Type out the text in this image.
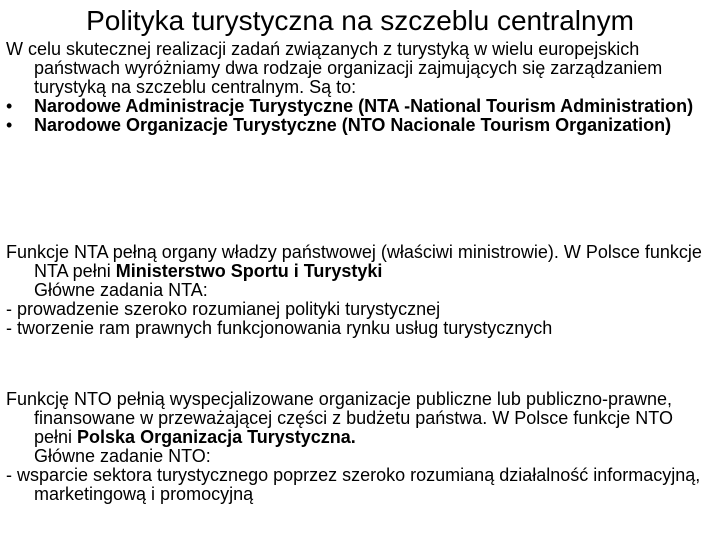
Polityka turystyczna na szczeblu centralnym

W celu skutecznej realizacji zadań związanych z turystyką w wielu europejskich państwach wyróżniamy dwa rodzaje organizacji zajmujących się zarządzaniem turystyką na szczeblu centralnym. Są to:

•	Narodowe Administracje Turystyczne (NTA -National Tourism Administration)

•	Narodowe Organizacje Turystyczne (NTO Nacionale Tourism Organization)

Funkcje NTA pełną organy władzy państwowej (właściwi ministrowie). W Polsce funkcje NTA pełni Ministerstwo Sportu i Turystyki

Główne zadania NTA:

- prowadzenie szeroko rozumianej polityki turystycznej

- tworzenie ram prawnych funkcjonowania rynku usług turystycznych

Funkcję NTO pełnią wyspecjalizowane organizacje publiczne lub publiczno-prawne, finansowane w przeważającej części z budżetu państwa. W Polsce funkcje NTO pełni Polska Organizacja Turystyczna.

Główne zadanie NTO:

- wsparcie sektora turystycznego poprzez szeroko rozumianą działalność informacyjną, marketingową i promocyjną
